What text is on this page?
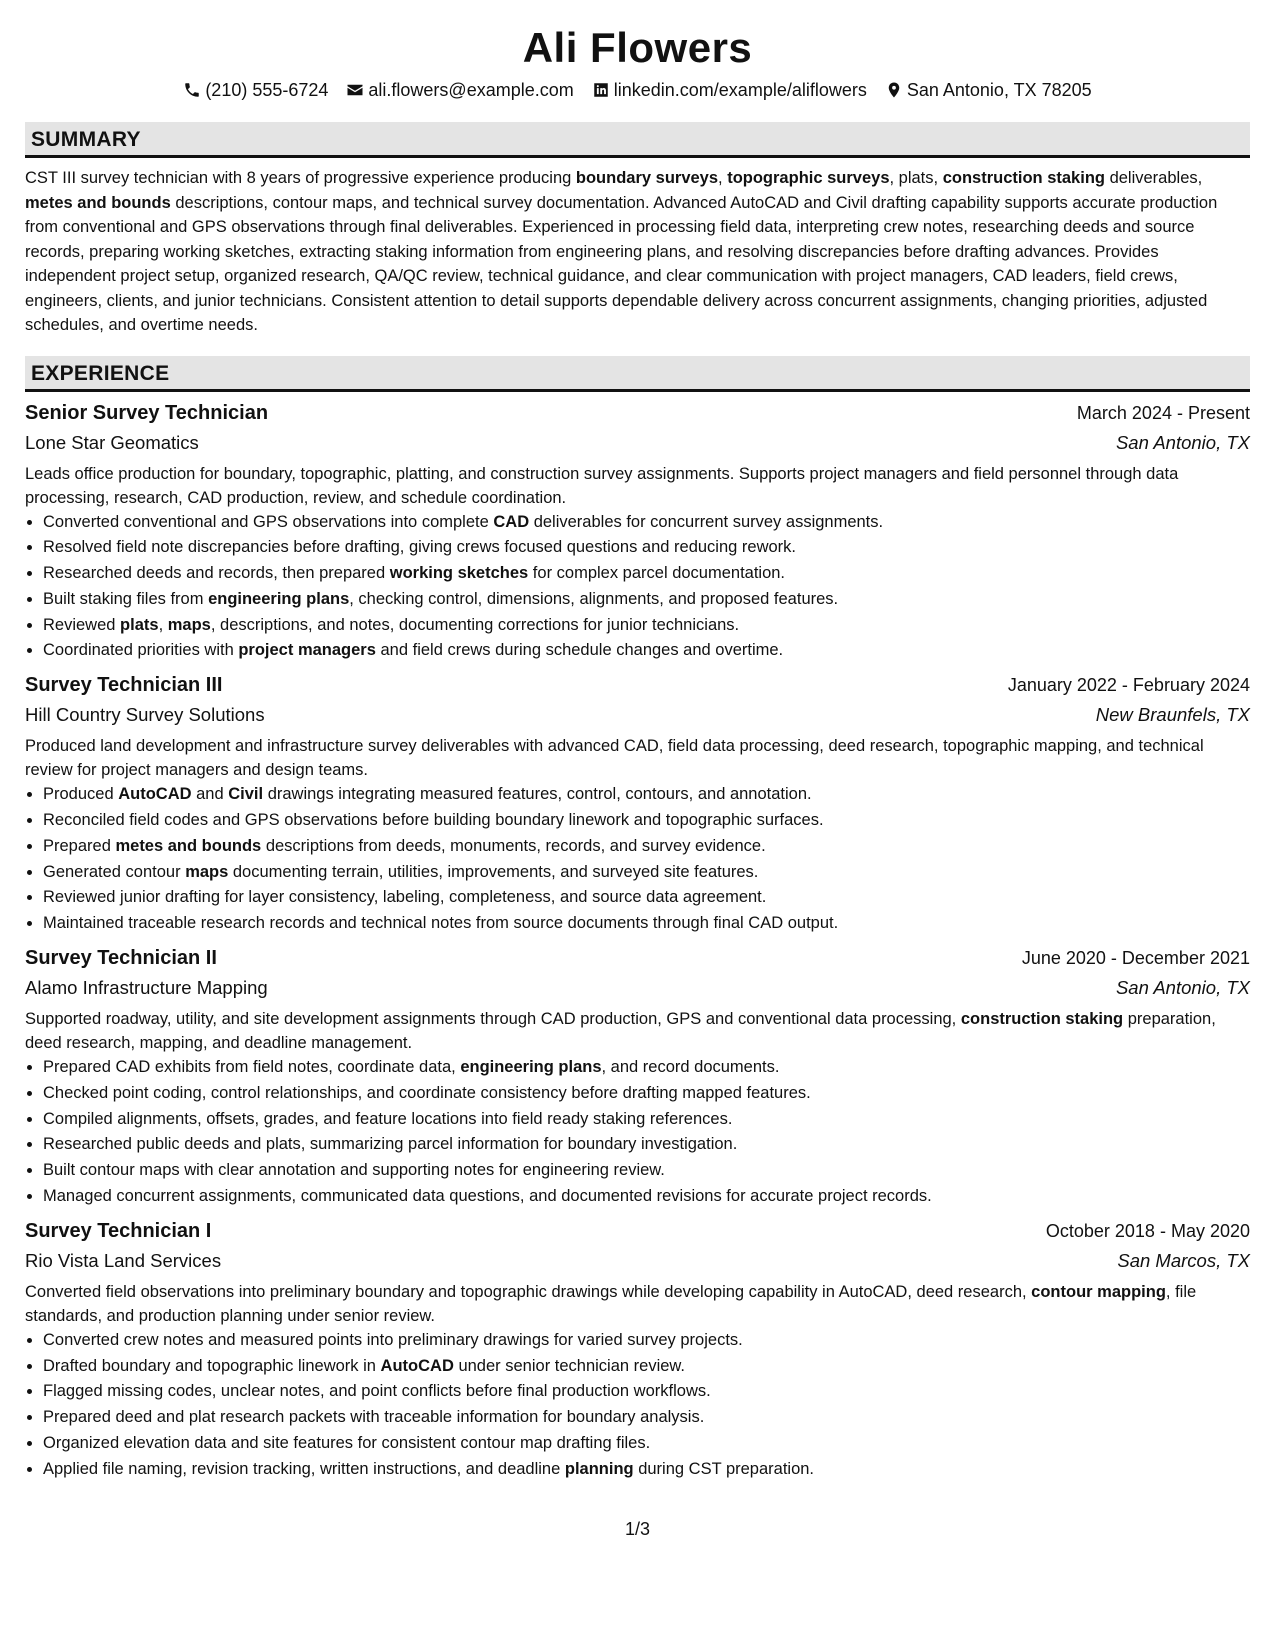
Ali Flowers
(210) 555-6724 ali.flowers@example.com linkedin.com/example/aliflowers San Antonio, TX 78205
SUMMARY

CST III survey technician with 8 years of progressive experience producing boundary surveys, topographic surveys, plats, construction staking deliverables, metes and bounds descriptions, contour maps, and technical survey documentation. Advanced AutoCAD and Civil drafting capability supports accurate production from conventional and GPS observations through final deliverables. Experienced in processing field data, interpreting crew notes, researching deeds and source records, preparing working sketches, extracting staking information from engineering plans, and resolving discrepancies before drafting advances. Provides independent project setup, organized research, QA/QC review, technical guidance, and clear communication with project managers, CAD leaders, field crews, engineers, clients, and junior technicians. Consistent attention to detail supports dependable delivery across concurrent assignments, changing priorities, adjusted schedules, and overtime needs.

EXPERIENCE
Senior Survey Technician	March 2024 - Present
Lone Star Geomatics	San Antonio, TX
Leads office production for boundary, topographic, platting, and construction survey assignments. Supports project managers and field personnel through data processing, research, CAD production, review, and schedule coordination.
• Converted conventional and GPS observations into complete CAD deliverables for concurrent survey assignments.
• Resolved field note discrepancies before drafting, giving crews focused questions and reducing rework.
• Researched deeds and records, then prepared working sketches for complex parcel documentation.
• Built staking files from engineering plans, checking control, dimensions, alignments, and proposed features.
• Reviewed plats, maps, descriptions, and notes, documenting corrections for junior technicians.
• Coordinated priorities with project managers and field crews during schedule changes and overtime.
Survey Technician III	January 2022 - February 2024
Hill Country Survey Solutions	New Braunfels, TX
Produced land development and infrastructure survey deliverables with advanced CAD, field data processing, deed research, topographic mapping, and technical review for project managers and design teams.
• Produced AutoCAD and Civil drawings integrating measured features, control, contours, and annotation.
• Reconciled field codes and GPS observations before building boundary linework and topographic surfaces.
• Prepared metes and bounds descriptions from deeds, monuments, records, and survey evidence.
• Generated contour maps documenting terrain, utilities, improvements, and surveyed site features.
• Reviewed junior drafting for layer consistency, labeling, completeness, and source data agreement.
• Maintained traceable research records and technical notes from source documents through final CAD output.
Survey Technician II	June 2020 - December 2021
Alamo Infrastructure Mapping	San Antonio, TX
Supported roadway, utility, and site development assignments through CAD production, GPS and conventional data processing, construction staking preparation, deed research, mapping, and deadline management.
• Prepared CAD exhibits from field notes, coordinate data, engineering plans, and record documents.
• Checked point coding, control relationships, and coordinate consistency before drafting mapped features.
• Compiled alignments, offsets, grades, and feature locations into field ready staking references.
• Researched public deeds and plats, summarizing parcel information for boundary investigation.
• Built contour maps with clear annotation and supporting notes for engineering review.
• Managed concurrent assignments, communicated data questions, and documented revisions for accurate project records.
Survey Technician I	October 2018 - May 2020
Rio Vista Land Services	San Marcos, TX
Converted field observations into preliminary boundary and topographic drawings while developing capability in AutoCAD, deed research, contour mapping, file standards, and production planning under senior review.
• Converted crew notes and measured points into preliminary drawings for varied survey projects.
• Drafted boundary and topographic linework in AutoCAD under senior technician review.
• Flagged missing codes, unclear notes, and point conflicts before final production workflows.
• Prepared deed and plat research packets with traceable information for boundary analysis.
• Organized elevation data and site features for consistent contour map drafting files.
• Applied file naming, revision tracking, written instructions, and deadline planning during CST preparation.
1/3
